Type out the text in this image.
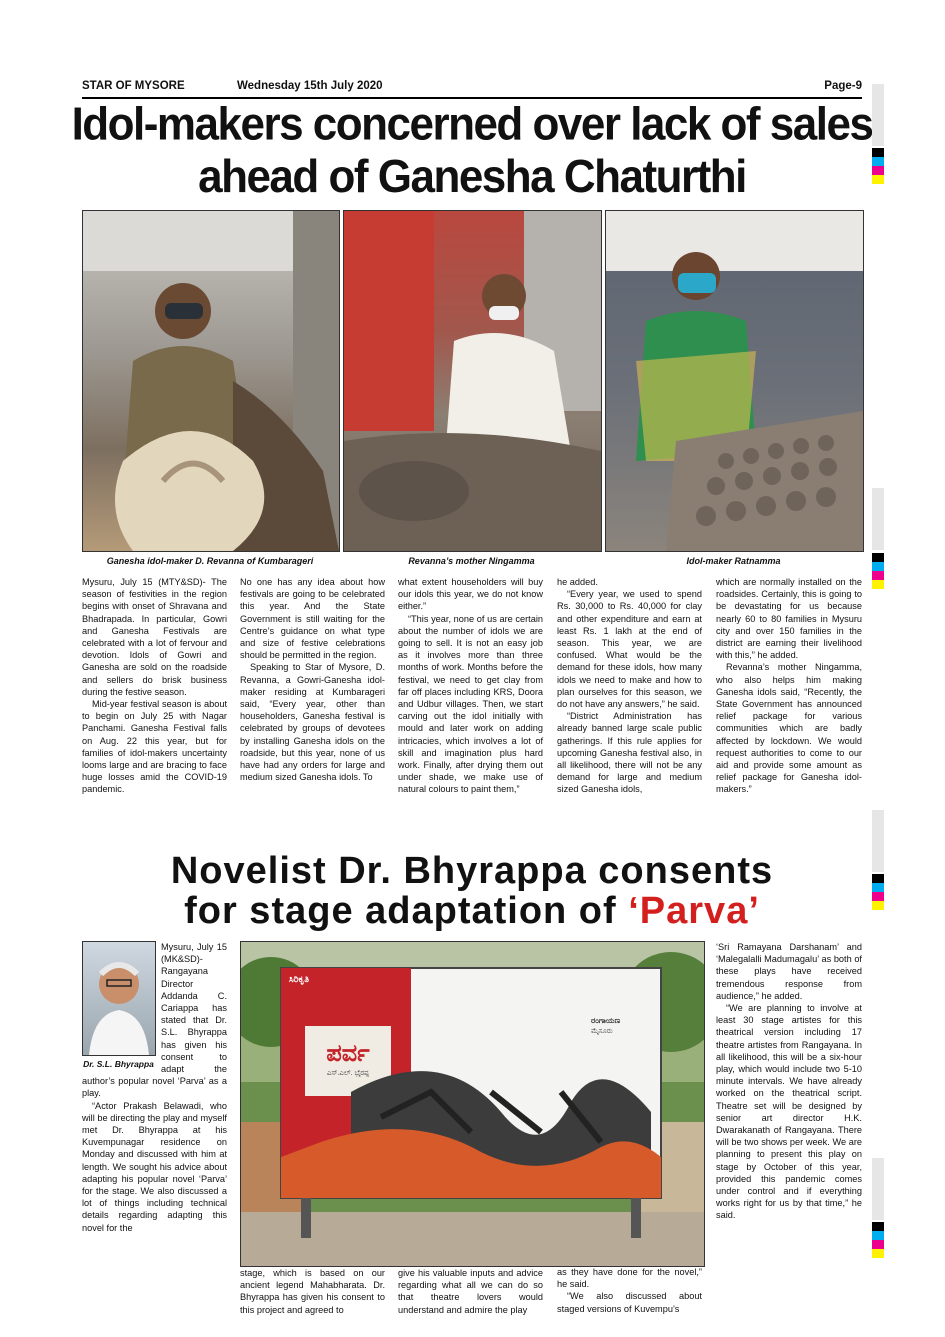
STAR OF MYSORE	Wednesday 15th July 2020	Page-9
Idol-makers concerned over lack of sales
ahead of Ganesha Chaturthi
Ganesha idol-maker D. Revanna of Kumbarageri	Revanna’s mother Ningamma	Idol-maker Ratnamma

Mysuru, July 15 (MTY&SD)- The season of festivities in the region begins with onset of Shravana and Bhadrapada. In particular, Gowri and Ganesha Festivals are celebrated with a lot of fervour and devotion. Idols of Gowri and Ganesha are sold on the roadside and sellers do brisk business during the festive season.

Mid-year festival season is about to begin on July 25 with Nagar Panchami. Ganesha Festival falls on Aug. 22 this year, but for families of idol-makers uncertainty looms large and are bracing to face huge losses amid the COVID-19 pandemic.

No one has any idea about how festivals are going to be celebrated this year. And the State Government is still waiting for the Centre’s guidance on what type and size of festive celebrations should be permitted in the region.

Speaking to Star of Mysore, D. Revanna, a Gowri-Ganesha idol-maker residing at Kumbarageri said, “Every year, other than householders, Ganesha festival is celebrated by groups of devotees by installing Ganesha idols on the roadside, but this year, none of us have had any orders for large and medium sized Ganesha idols. To

what extent householders will buy our idols this year, we do not know either.”

“This year, none of us are certain about the number of idols we are going to sell. It is not an easy job as it involves more than three months of work. Months before the festival, we need to get clay from far off places including KRS, Doora and Udbur villages. Then, we start carving out the idol initially with mould and later work on adding intricacies, which involves a lot of skill and imagination plus hard work. Finally, after drying them out under shade, we make use of natural colours to paint them,”

he added.

“Every year, we used to spend Rs. 30,000 to Rs. 40,000 for clay and other expenditure and earn at least Rs. 1 lakh at the end of season. This year, we are confused. What would be the demand for these idols, how many idols we need to make and how to plan ourselves for this season, we do not have any answers,” he said.

“District Administration has already banned large scale public gatherings. If this rule applies for upcoming Ganesha festival also, in all likelihood, there will not be any demand for large and medium sized Ganesha idols,

which are normally installed on the roadsides. Certainly, this is going to be devastating for us because nearly 60 to 80 families in Mysuru city and over 150 families in the district are earning their livelihood with this,” he added.

Revanna’s mother Ningamma, who also helps him making Ganesha idols said, “Recently, the State Government has announced relief package for various communities which are badly affected by lockdown. We would request authorities to come to our aid and provide some amount as relief package for Ganesha idol-makers.”

Novelist Dr. Bhyrappa consents
for stage adaptation of ‘Parva’
Dr. S.L. Bhyrappa

Mysuru, July 15 (MK&SD)- Rangayana Director Addanda C. Cariappa has stated that Dr. S.L. Bhyrappa has given his consent to adapt the author’s popular novel ‘Parva’ as a play.

“Actor Prakash Belawadi, who will be directing the play and myself met Dr. Bhyrappa at his Kuvempunagar residence on Monday and discussed with him at length. We sought his advice about adapting his popular novel ‘Parva’ for the stage. We also discussed a lot of things including technical details regarding adapting this novel for the

ಸಿರಿಕೃತಿ
ಪರ್ವ
ಎಸ್.ಎಲ್. ಭೈರಪ್ಪ
ರಂಗಾಯಣ
ಮೈಸೂರು

stage, which is based on our ancient legend Mahabharata. Dr. Bhyrappa has given his consent to this project and agreed to

give his valuable inputs and advice regarding what all we can do so that theatre lovers would understand and admire the play

as they have done for the novel,” he said.

“We also discussed about staged versions of Kuvempu’s

‘Sri Ramayana Darshanam’ and ‘Malegalalli Madumagalu’ as both of these plays have received tremendous response from audience,” he added.

“We are planning to involve at least 30 stage artistes for this theatrical version including 17 theatre artistes from Rangayana. In all likelihood, this will be a six-hour play, which would include two 5-10 minute intervals. We have already worked on the theatrical script. Theatre set will be designed by senior art director H.K. Dwarakanath of Rangayana. There will be two shows per week. We are planning to present this play on stage by October of this year, provided this pandemic comes under control and if everything works right for us by that time,” he said.
